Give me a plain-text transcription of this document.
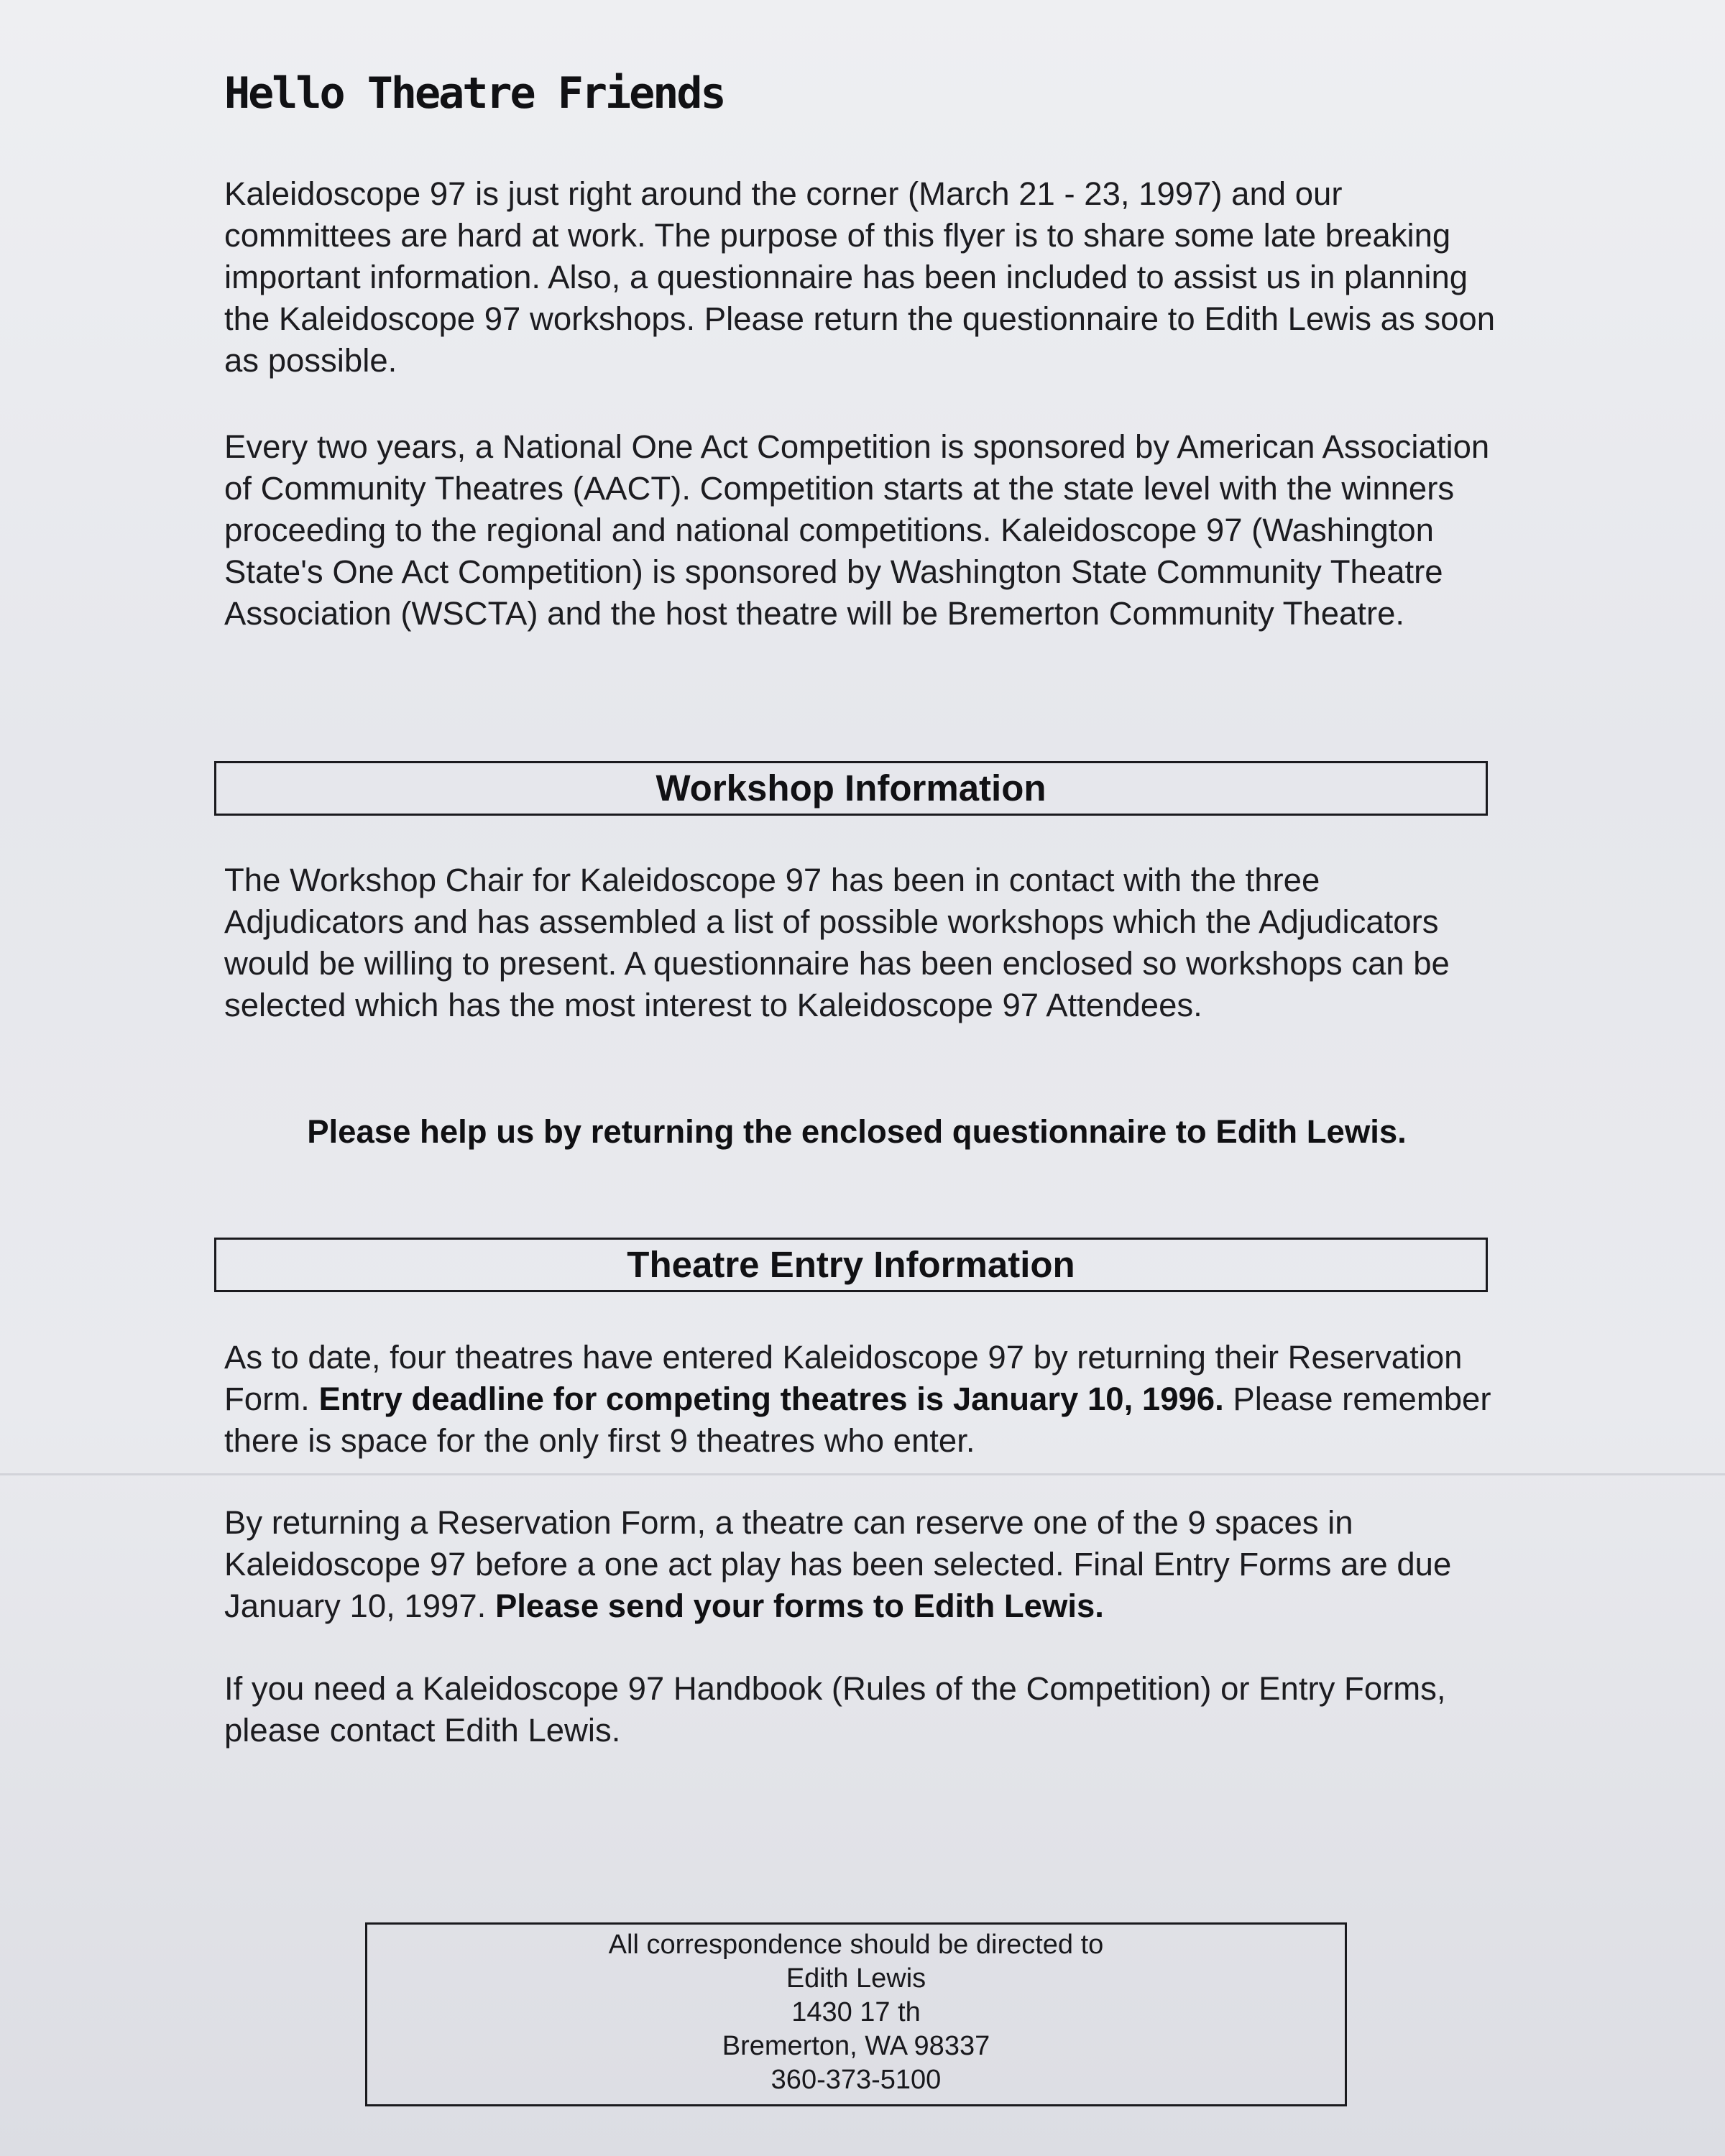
Hello Theatre Friends

Kaleidoscope 97 is just right around the corner (March 21 - 23, 1997) and our committees are hard at work. The purpose of this flyer is to share some late breaking important information. Also, a questionnaire has been included to assist us in planning the Kaleidoscope 97 workshops. Please return the questionnaire to Edith Lewis as soon as possible.

Every two years, a National One Act Competition is sponsored by American Association of Community Theatres (AACT). Competition starts at the state level with the winners proceeding to the regional and national competitions. Kaleidoscope 97 (Washington State's One Act Competition) is sponsored by Washington State Community Theatre Association (WSCTA) and the host theatre will be Bremerton Community Theatre.

Workshop Information

The Workshop Chair for Kaleidoscope 97 has been in contact with the three Adjudicators and has assembled a list of possible workshops which the Adjudicators would be willing to present. A questionnaire has been enclosed so workshops can be selected which has the most interest to Kaleidoscope 97 Attendees.

Please help us by returning the enclosed questionnaire to Edith Lewis.

Theatre Entry Information

As to date, four theatres have entered Kaleidoscope 97 by returning their Reservation Form. Entry deadline for competing theatres is January 10, 1996. Please remember there is space for the only first 9 theatres who enter.

By returning a Reservation Form, a theatre can reserve one of the 9 spaces in Kaleidoscope 97 before a one act play has been selected. Final Entry Forms are due January 10, 1997. Please send your forms to Edith Lewis.

If you need a Kaleidoscope 97 Handbook (Rules of the Competition) or Entry Forms, please contact Edith Lewis.

All correspondence should be directed to
Edith Lewis
1430 17 th
Bremerton, WA 98337
360-373-5100
